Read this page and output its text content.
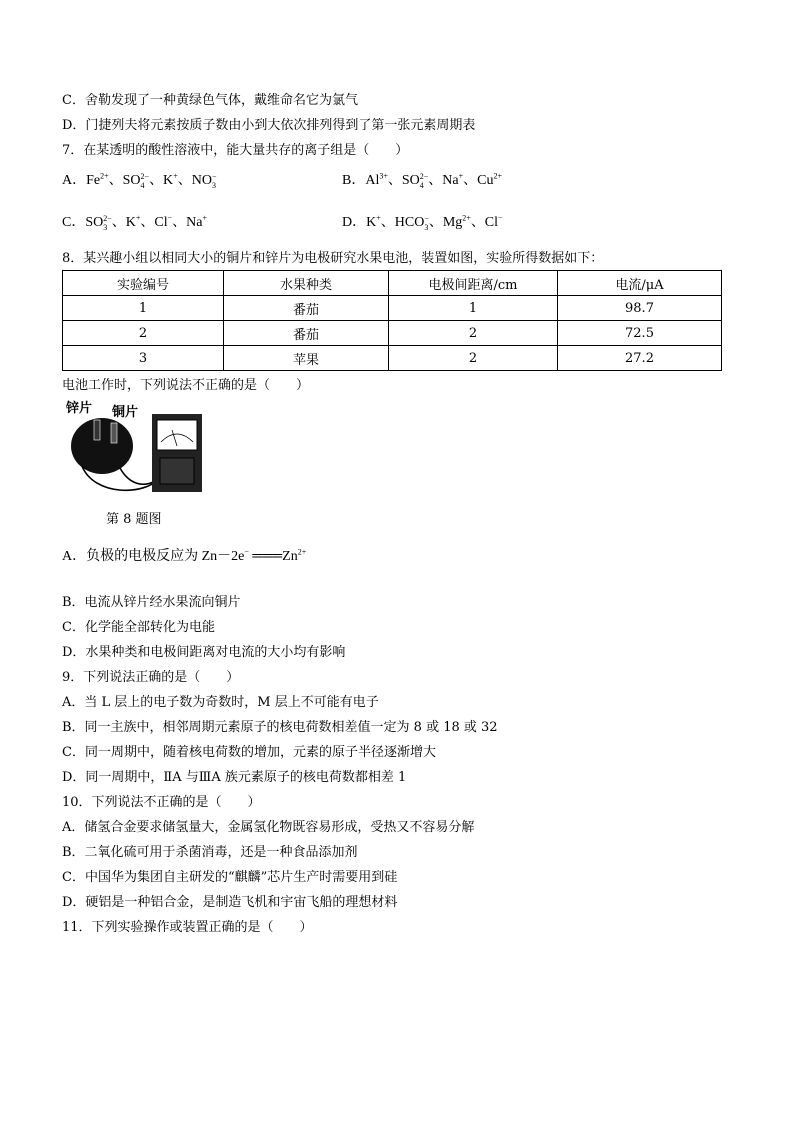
C．舍勒发现了一种黄绿色气体，戴维命名它为氯气
D．门捷列夫将元素按质子数由小到大依次排列得到了第一张元素周期表
7．在某透明的酸性溶液中，能大量共存的离子组是（　　）
A．$Fe^{2+}$、SO 2−
4 、K+、NO −
3	B．$Al^{3+}$、SO 2−
4 、Na+、$Cu^{2+}$
C．SO 2−
3 、K+、Cl−、Na+	D．K+、HCO −
3 、$Mg^{2+}$、Cl−
8．某兴趣小组以相同大小的铜片和锌片为电极研究水果电池，装置如图，实验所得数据如下：
实验编号	水果种类	电极间距离/cm	电流/μA
1	番茄	1	98.7
2	番茄	2	72.5
3	苹果	2	27.2
电池工作时，下列说法不正确的是（　　）
锌片 铜片
第 8 题图
A．负极的电极反应为 Zn－2e− $═══Zn^{2+}$
B．电流从锌片经水果流向铜片
C．化学能全部转化为电能
D．水果种类和电极间距离对电流的大小均有影响
9．下列说法正确的是（　　）
A．当 L 层上的电子数为奇数时，M 层上不可能有电子
B．同一主族中，相邻周期元素原子的核电荷数相差值一定为 8 或 18 或 32
C．同一周期中，随着核电荷数的增加，元素的原子半径逐渐增大
D．同一周期中，ⅡA 与ⅢA 族元素原子的核电荷数都相差 1
10．下列说法不正确的是（　　）
A．储氢合金要求储氢量大，金属氢化物既容易形成，受热又不容易分解
B．二氧化硫可用于杀菌消毒，还是一种食品添加剂
C．中国华为集团自主研发的“麒麟”芯片生产时需要用到硅
D．硬铝是一种铝合金，是制造飞机和宇宙飞船的理想材料
11．下列实验操作或装置正确的是（　　）
